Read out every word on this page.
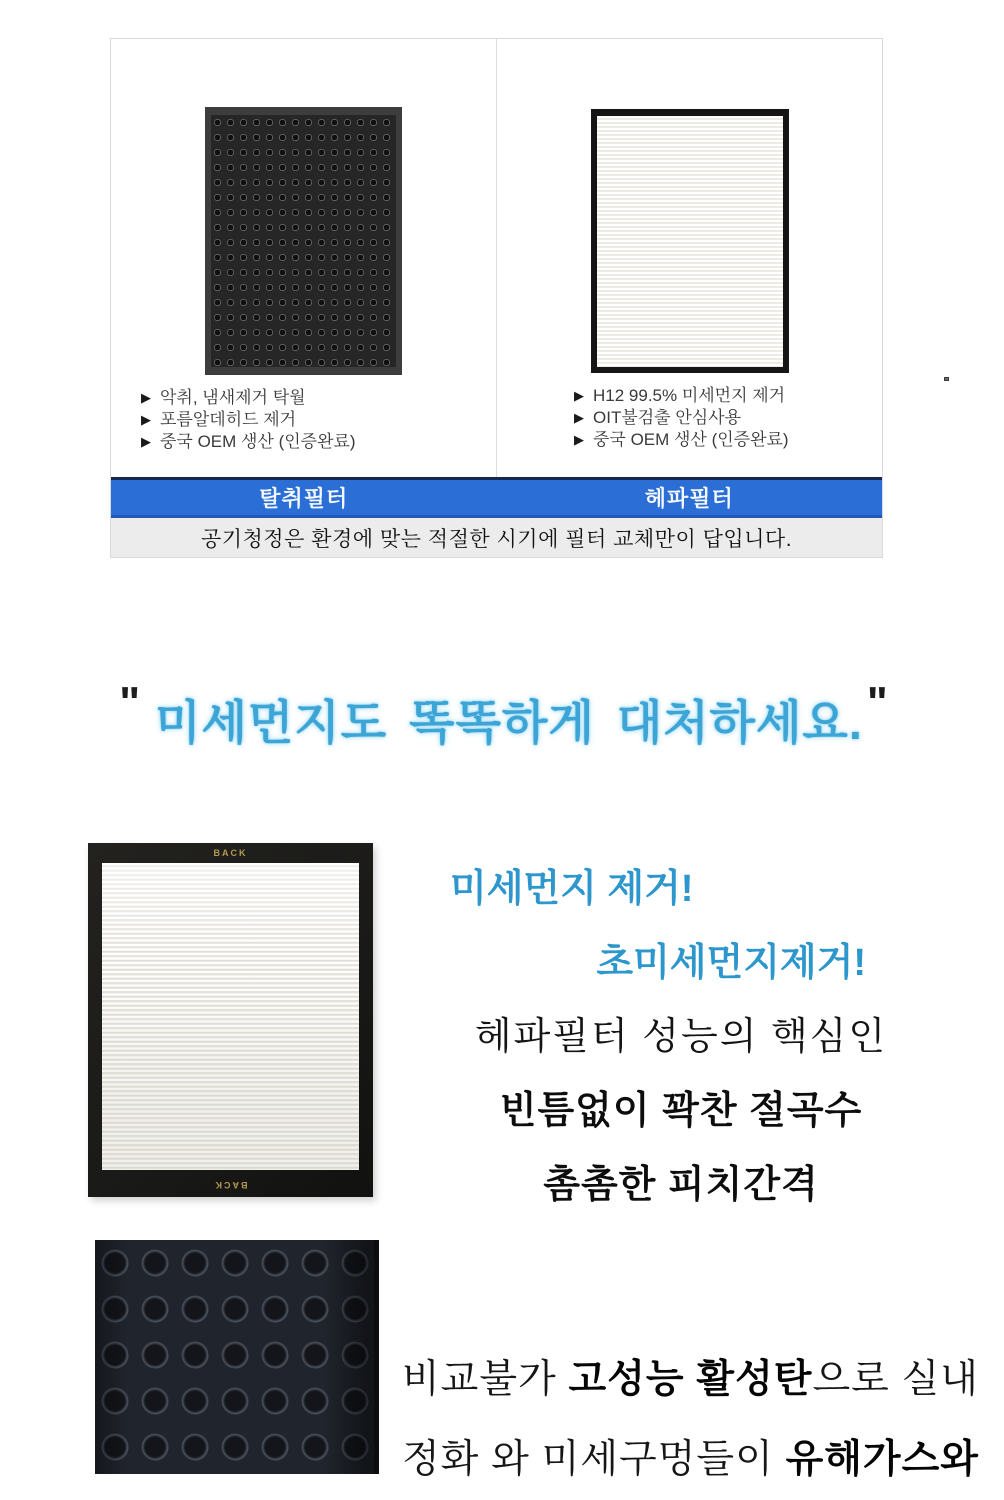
▶ 악취, 냄새제거 탁월
▶ 포름알데히드 제거
▶ 중국 OEM 생산 (인증완료)
▶ H12 99.5% 미세먼지 제거
▶ OIT불검출 안심사용
▶ 중국 OEM 생산 (인증완료)
탈취필터	헤파필터
공기청정은 환경에 맞는 적절한 시기에 필터 교체만이 답입니다.
" 미세먼지도 똑똑하게 대처하세요."
BACK
BACK
미세먼지 제거!
초미세먼지제거!
헤파필터 성능의 핵심인
빈틈없이 꽉찬 절곡수
촘촘한 피치간격
비교불가 고성능 활성탄으로 실내
정화 와 미세구멍들이 유해가스와
